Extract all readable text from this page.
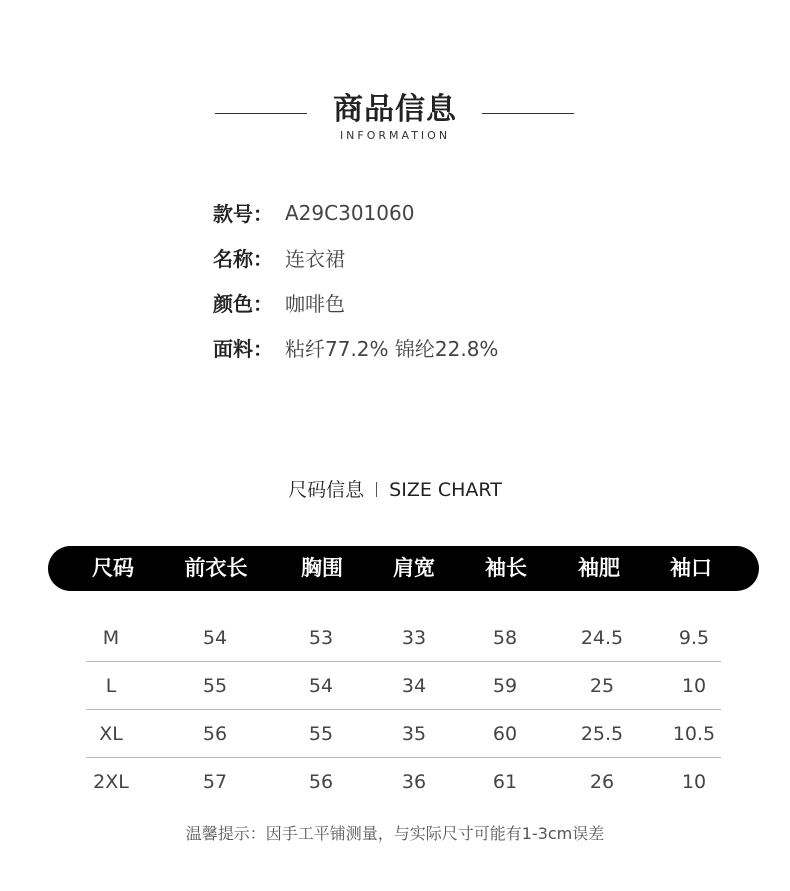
商品信息
INFORMATION
款号： A29C301060
名称： 连衣裙
颜色： 咖啡色
面料： 粘纤77.2% 锦纶22.8%
尺码信息 SIZE CHART
尺码 前衣长	胸围 肩宽 袖长 袖肥 袖口
M	54	53	33	58	24.5	9.5
L	55	54	34	59	25	10
XL	56	55	35	60	25.5	10.5
2XL	57	56	36	61	26	10
温馨提示：因手工平铺测量，与实际尺寸可能有1-3cm误差
